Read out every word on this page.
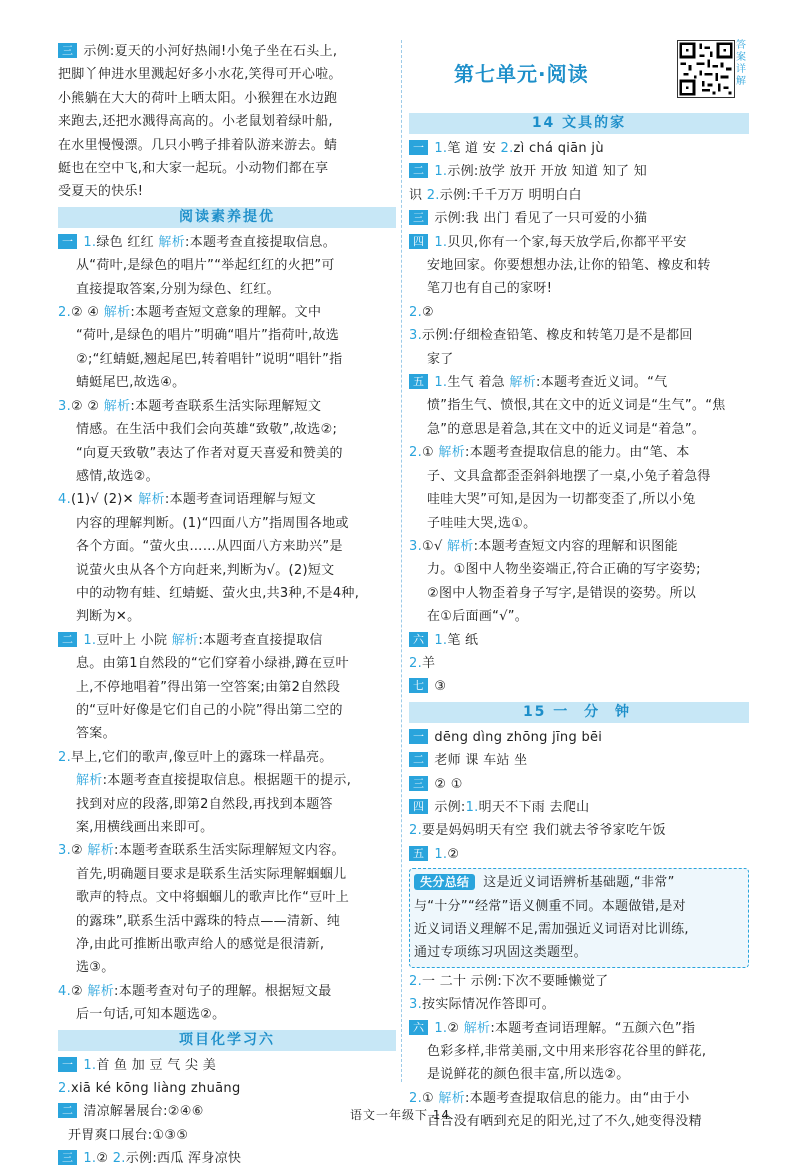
三 示例:夏天的小河好热闹!小兔子坐在石头上,
把脚丫伸进水里溅起好多小水花,笑得可开心啦。
小熊躺在大大的荷叶上晒太阳。小猴狸在水边跑
来跑去,还把水溅得高高的。小老鼠划着绿叶船,
在水里慢慢漂。几只小鸭子排着队游来游去。蜻
蜓也在空中飞,和大家一起玩。小动物们都在享
受夏天的快乐!
阅读素养提优
一 1.绿色 红红 解析:本题考查直接提取信息。
从“荷叶,是绿色的唱片”“举起红红的火把”可
直接提取答案,分别为绿色、红红。
2.② ④ 解析:本题考查短文意象的理解。文中
“荷叶,是绿色的唱片”明确“唱片”指荷叶,故选
②;“红蜻蜓,翘起尾巴,转着唱针”说明“唱针”指
蜻蜓尾巴,故选④。
3.② ② 解析:本题考查联系生活实际理解短文
情感。在生活中我们会向英雄“致敬”,故选②;
“向夏天致敬”表达了作者对夏天喜爱和赞美的
感情,故选②。
4.(1)√ (2)✕ 解析:本题考查词语理解与短文
内容的理解判断。(1)“四面八方”指周围各地或
各个方面。“萤火虫……从四面八方来助兴”是
说萤火虫从各个方向赶来,判断为√。(2)短文
中的动物有蛙、红蜻蜓、萤火虫,共3种,不是4种,
判断为✕。
二 1.豆叶上 小院 解析:本题考查直接提取信
息。由第1自然段的“它们穿着小绿褂,蹲在豆叶
上,不停地唱着”得出第一空答案;由第2自然段
的“豆叶好像是它们自己的小院”得出第二空的
答案。
2.早上,它们的歌声,像豆叶上的露珠一样晶亮。
解析:本题考查直接提取信息。根据题干的提示,
找到对应的段落,即第2自然段,再找到本题答
案,用横线画出来即可。
3.② 解析:本题考查联系生活实际理解短文内容。
首先,明确题目要求是联系生活实际理解蝈蝈儿
歌声的特点。文中将蝈蝈儿的歌声比作“豆叶上
的露珠”,联系生活中露珠的特点——清新、纯
净,由此可推断出歌声给人的感觉是很清新,
选③。
4.② 解析:本题考查对句子的理解。根据短文最
后一句话,可知本题选②。
项目化学习六
一 1.首 鱼 加 豆 气 尖 美
2.xiā ké kōng liàng zhuāng
二 清凉解暑展台:②④⑥
开胃爽口展台:①③⑤
三 1.② 2.示例:西瓜 浑身凉快
第七单元·阅读
答案详解
14 文具的家
一 1.笔 道 安 2.zì chá qiān jù
二 1.示例:放学 放开 开放 知道 知了 知
识 2.示例:千千万万 明明白白
三 示例:我 出门 看见了一只可爱的小猫
四 1.贝贝,你有一个家,每天放学后,你都平平安
安地回家。你要想想办法,让你的铅笔、橡皮和转
笔刀也有自己的家呀!
2.②
3.示例:仔细检查铅笔、橡皮和转笔刀是不是都回
家了
五 1.生气 着急 解析:本题考查近义词。“气
愤”指生气、愤恨,其在文中的近义词是“生气”。“焦
急”的意思是着急,其在文中的近义词是“着急”。
2.① 解析:本题考查提取信息的能力。由“笔、本
子、文具盒都歪歪斜斜地摆了一桌,小兔子着急得
哇哇大哭”可知,是因为一切都变歪了,所以小兔
子哇哇大哭,选①。
3.①√ 解析:本题考查短文内容的理解和识图能
力。①图中人物坐姿端正,符合正确的写字姿势;
②图中人物歪着身子写字,是错误的姿势。所以
在①后面画“√”。
六 1.笔 纸
2.羊
七 ③
15 一 分 钟
一 dēng dìng zhōng jīng bēi
二 老师 课 车站 坐
三 ② ①
四 示例:1.明天不下雨 去爬山
2.要是妈妈明天有空 我们就去爷爷家吃午饭
五 1.②
失分总结 这是近义词语辨析基础题,“非常”
与“十分”“经常”语义侧重不同。本题做错,是对
近义词语义理解不足,需加强近义词语对比训练,
通过专项练习巩固这类题型。
2.一 二十 示例:下次不要睡懒觉了
3.按实际情况作答即可。
六 1.② 解析:本题考查词语理解。“五颜六色”指
色彩多样,非常美丽,文中用来形容花谷里的鲜花,
是说鲜花的颜色很丰富,所以选②。
2.① 解析:本题考查提取信息的能力。由“由于小
百合没有晒到充足的阳光,过了不久,她变得没精
语文一年级下 14
